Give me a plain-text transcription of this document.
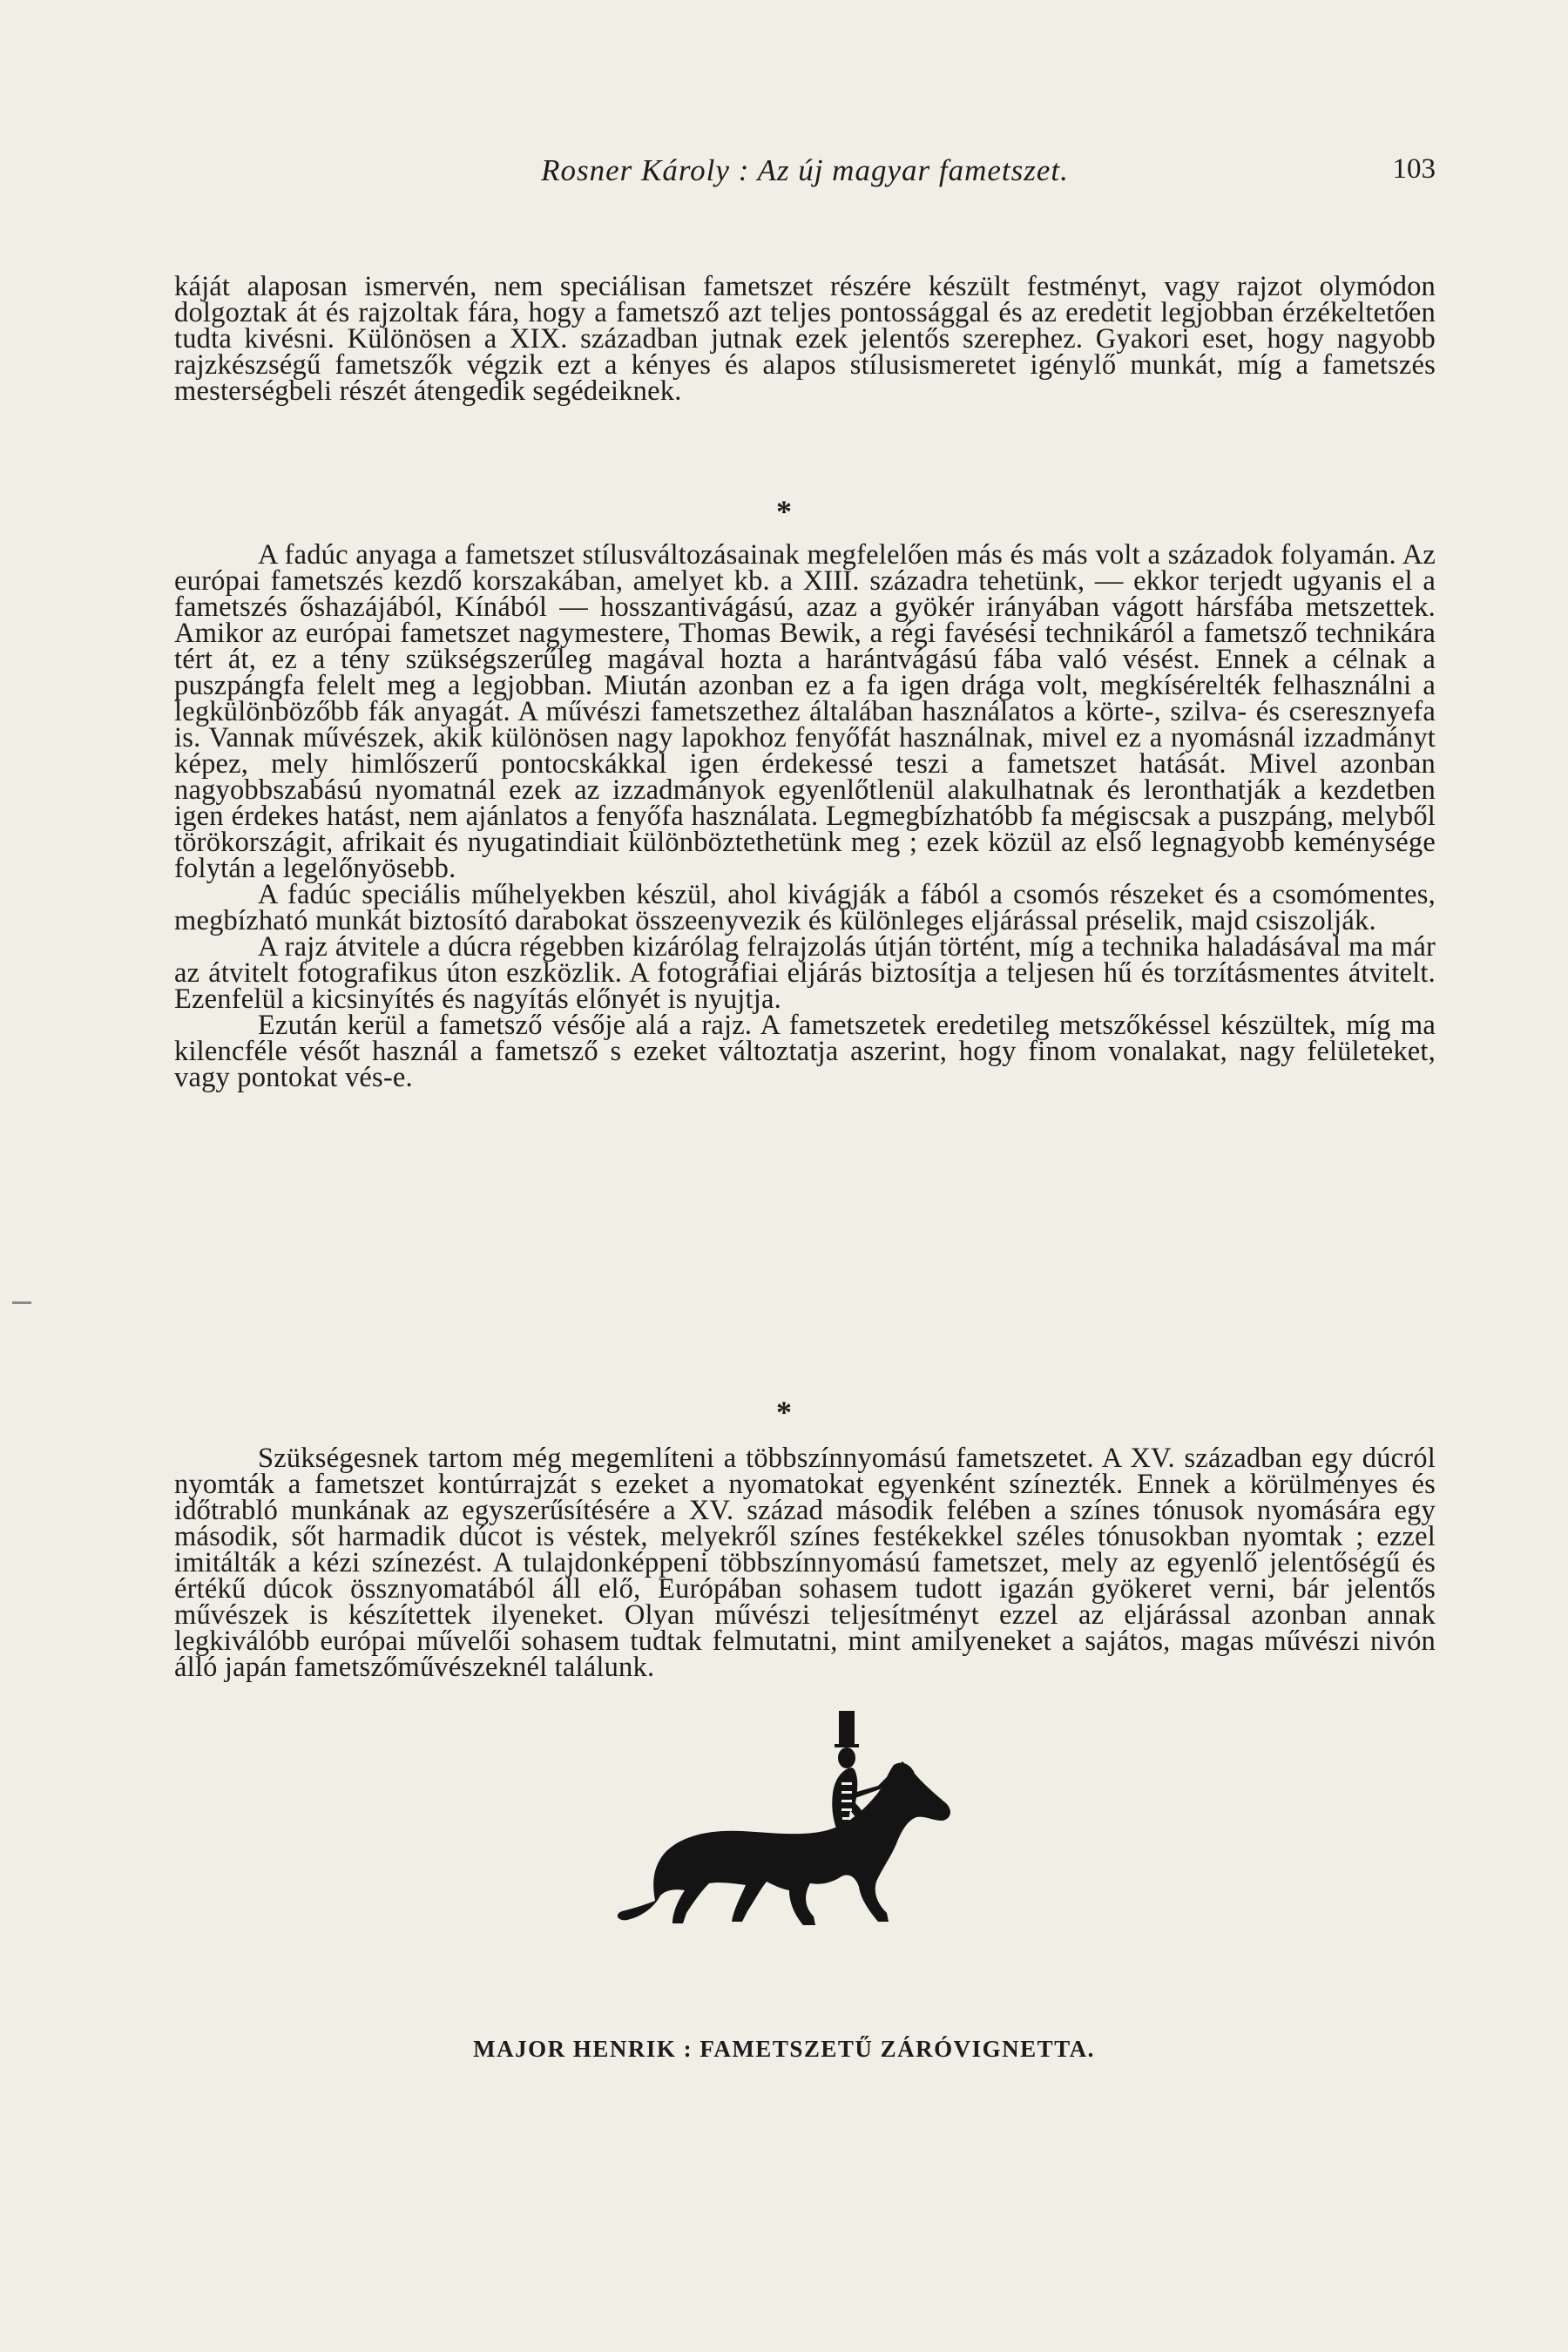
Rosner Károly : Az új magyar fametszet.	103

káját alaposan ismervén, nem speciálisan fametszet részére készült festményt, vagy rajzot olymódon dolgoztak át és rajzoltak fára, hogy a fametsző azt teljes pontossággal és az eredetit legjobban érzékeltetően tudta kivésni. Különösen a XIX. században jutnak ezek jelentős szerephez. Gyakori eset, hogy nagyobb rajzkészségű fametszők végzik ezt a kényes és alapos stílusismeretet igénylő munkát, míg a fametszés mesterségbeli részét átengedik segédeiknek.

*

A fadúc anyaga a fametszet stílusváltozásainak megfelelően más és más volt a századok folyamán. Az európai fametszés kezdő korszakában, amelyet kb. a XIII. századra tehetünk, — ekkor terjedt ugyanis el a fametszés őshazájából, Kínából — hosszantivágású, azaz a gyökér irányában vágott hársfába metszettek. Amikor az európai fametszet nagymestere, Thomas Bewik, a régi favésési technikáról a fametsző technikára tért át, ez a tény szükségszerűleg magával hozta a harántvágású fába való vésést. Ennek a célnak a puszpángfa felelt meg a legjobban. Miután azonban ez a fa igen drága volt, megkísérelték felhasználni a legkülönbözőbb fák anyagát. A művészi fametszethez általában használatos a körte-, szilva- és cseresznyefa is. Vannak művészek, akik különösen nagy lapokhoz fenyőfát használnak, mivel ez a nyomásnál izzadmányt képez, mely himlőszerű pontocskákkal igen érdekessé teszi a fametszet hatását. Mivel azonban nagyobbszabású nyomatnál ezek az izzadmányok egyenlőtlenül alakulhatnak és leronthatják a kezdetben igen érdekes hatást, nem ajánlatos a fenyőfa használata. Legmegbízhatóbb fa mégiscsak a puszpáng, melyből törökországit, afrikait és nyugatindiait különböztethetünk meg ; ezek közül az első legnagyobb keménysége folytán a legelőnyösebb.

A fadúc speciális műhelyekben készül, ahol kivágják a fából a csomós részeket és a csomómentes, megbízható munkát biztosító darabokat összeenyvezik és különleges eljárással préselik, majd csiszolják.

A rajz átvitele a dúcra régebben kizárólag felrajzolás útján történt, míg a technika haladásával ma már az átvitelt fotografikus úton eszközlik. A fotográfiai eljárás biztosítja a teljesen hű és torzításmentes átvitelt. Ezenfelül a kicsinyítés és nagyítás előnyét is nyujtja.

Ezután kerül a fametsző vésője alá a rajz. A fametszetek eredetileg metszőkéssel készültek, míg ma kilencféle vésőt használ a fametsző s ezeket változtatja aszerint, hogy finom vonalakat, nagy felületeket, vagy pontokat vés-e.

*

Szükségesnek tartom még megemlíteni a többszínnyomású fametszetet. A XV. században egy dúcról nyomták a fametszet kontúrrajzát s ezeket a nyomatokat egyenként színezték. Ennek a körülményes és időtrabló munkának az egyszerűsítésére a XV. század második felében a színes tónusok nyomására egy második, sőt harmadik dúcot is véstek, melyekről színes festékekkel széles tónusokban nyomtak ; ezzel imitálták a kézi színezést. A tulajdonképpeni többszínnyomású fametszet, mely az egyenlő jelentőségű és értékű dúcok össznyomatából áll elő, Európában sohasem tudott igazán gyökeret verni, bár jelentős művészek is készítettek ilyeneket. Olyan művészi teljesítményt ezzel az eljárással azonban annak legkiválóbb európai művelői sohasem tudtak felmutatni, mint amilyeneket a sajátos, magas művészi nivón álló japán fametszőművészeknél találunk.

MAJOR HENRIK : FAMETSZETŰ ZÁRÓVIGNETTA.
